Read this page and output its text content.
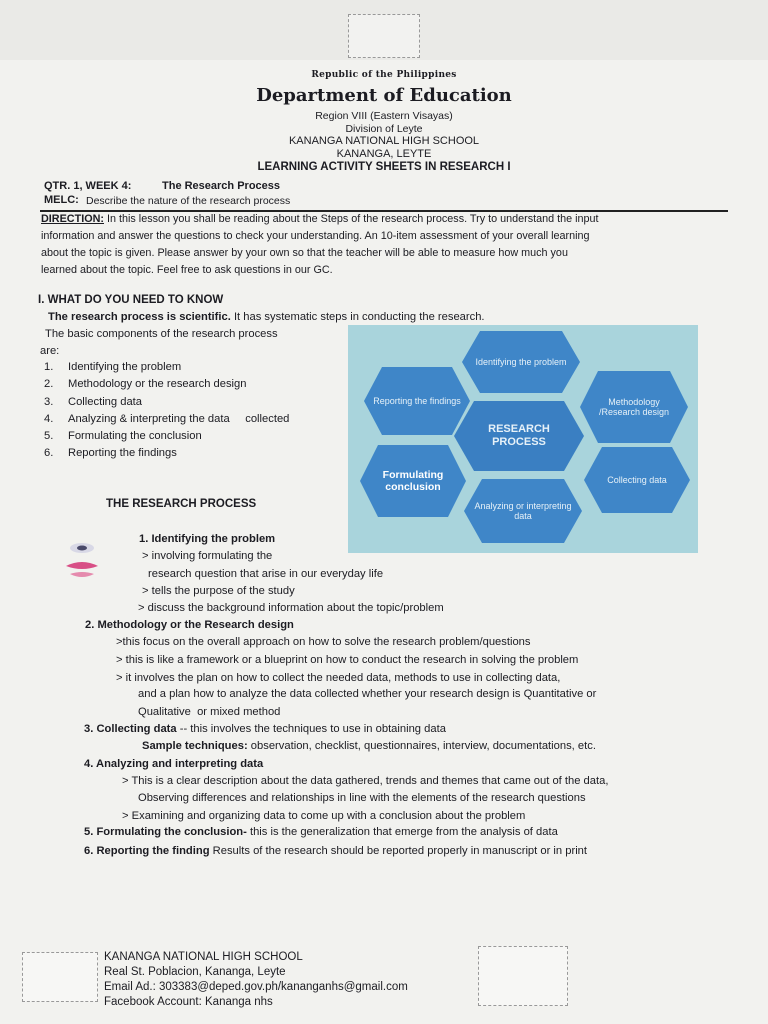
Republic of the Philippines
Department of Education
Region VIII (Eastern Visayas)
Division of Leyte
KANANGA NATIONAL HIGH SCHOOL
KANANGA, LEYTE
LEARNING ACTIVITY SHEETS IN RESEARCH I
QTR. 1, WEEK 4:	The Research Process
MELC: Describe the nature of the research process
DIRECTION: In this lesson you shall be reading about the Steps of the research process. Try to understand the input
information and answer the questions to check your understanding. An 10-item assessment of your overall learning
about the topic is given. Please answer by your own so that the teacher will be able to measure how much you
learned about the topic. Feel free to ask questions in our GC.
I. WHAT DO YOU NEED TO KNOW
The research process is scientific. It has systematic steps in conducting the research.
The basic components of the research process
are:
1. Identifying the problem
2. Methodology or the research design
3. Collecting data
4. Analyzing & interpreting the data     collected
5. Formulating the conclusion
6. Reporting the findings
Identifying the problem
Reporting the findings	Methodology /Research design
RESEARCH PROCESS
Formulating conclusion
Collecting data
Analyzing or interpreting data
THE RESEARCH PROCESS
1. Identifying the problem
> involving formulating the
research question that arise in our everyday life
> tells the purpose of the study
> discuss the background information about the topic/problem
2. Methodology or the Research design
>this focus on the overall approach on how to solve the research problem/questions
> this is like a framework or a blueprint on how to conduct the research in solving the problem
> it involves the plan on how to collect the needed data, methods to use in collecting data,
and a plan how to analyze the data collected whether your research design is Quantitative or
Qualitative  or mixed method
3. Collecting data -- this involves the techniques to use in obtaining data
Sample techniques: observation, checklist, questionnaires, interview, documentations, etc.
4. Analyzing and interpreting data
> This is a clear description about the data gathered, trends and themes that came out of the data,
Observing differences and relationships in line with the elements of the research questions
> Examining and organizing data to come up with a conclusion about the problem
5. Formulating the conclusion- this is the generalization that emerge from the analysis of data
6. Reporting the finding Results of the research should be reported properly in manuscript or in print
KANANGA NATIONAL HIGH SCHOOL
Real St. Poblacion, Kananga, Leyte
Email Ad.: 303383@deped.gov.ph/kananganhs@gmail.com
Facebook Account: Kananga nhs
